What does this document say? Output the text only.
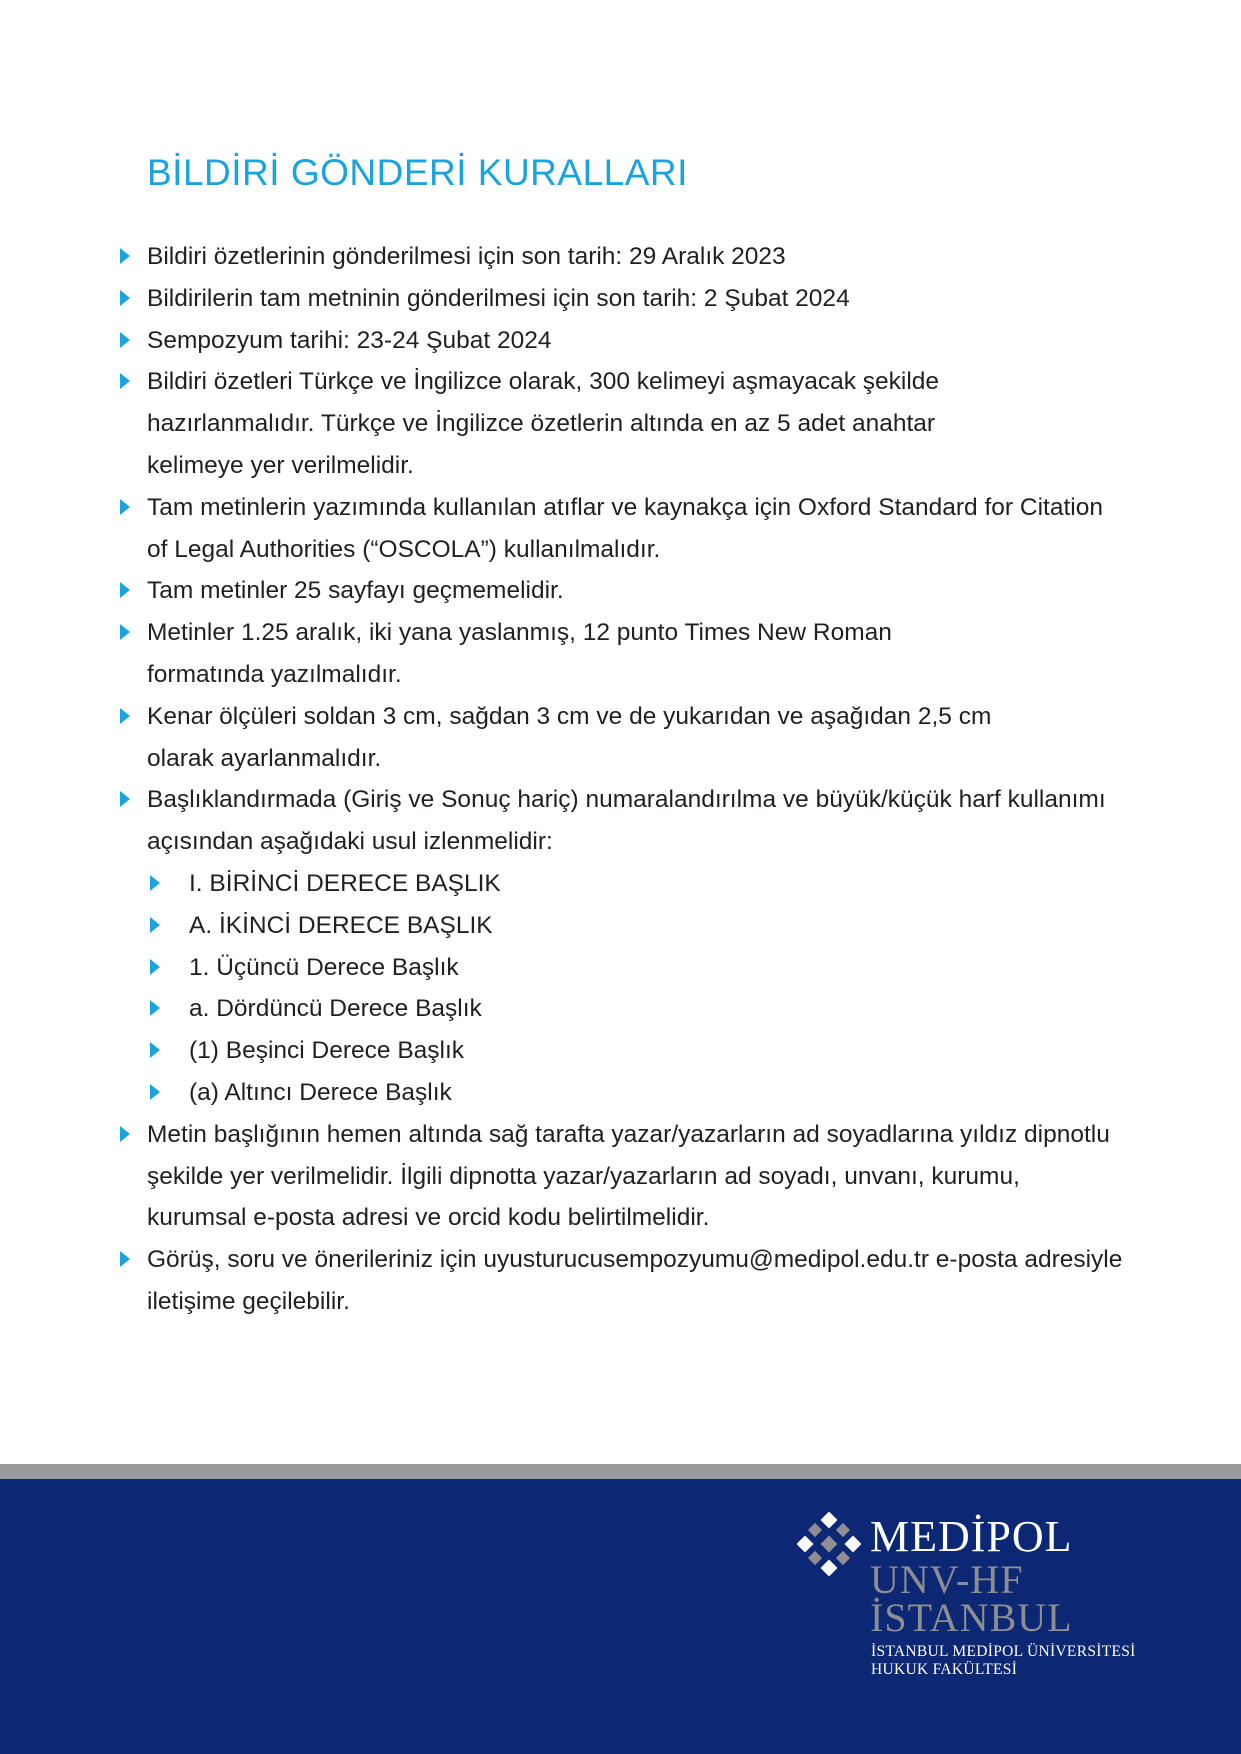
BİLDİRİ GÖNDERİ KURALLARI
Bildiri özetlerinin gönderilmesi için son tarih: 29 Aralık 2023
Bildirilerin tam metninin gönderilmesi için son tarih: 2 Şubat 2024
Sempozyum tarihi: 23-24 Şubat 2024
Bildiri özetleri Türkçe ve İngilizce olarak, 300 kelimeyi aşmayacak şekilde hazırlanmalıdır. Türkçe ve İngilizce özetlerin altında en az 5 adet anahtar kelimeye yer verilmelidir.
Tam metinlerin yazımında kullanılan atıflar ve kaynakça için Oxford Standard for Citation of Legal Authorities (“OSCOLA”) kullanılmalıdır.
Tam metinler 25 sayfayı geçmemelidir.
Metinler 1.25 aralık, iki yana yaslanmış, 12 punto Times New Roman formatında yazılmalıdır.
Kenar ölçüleri soldan 3 cm, sağdan 3 cm ve de yukarıdan ve aşağıdan 2,5 cm olarak ayarlanmalıdır.
Başlıklandırmada (Giriş ve Sonuç hariç) numaralandırılma ve büyük/küçük harf kullanımı açısından aşağıdaki usul izlenmelidir:
I. BİRİNCİ DERECE BAŞLIK
A. İKİNCİ DERECE BAŞLIK
1. Üçüncü Derece Başlık
a. Dördüncü Derece Başlık
(1) Beşinci Derece Başlık
(a) Altıncı Derece Başlık
Metin başlığının hemen altında sağ tarafta yazar/yazarların ad soyadlarına yıldız dipnotlu şekilde yer verilmelidir. İlgili dipnotta yazar/yazarların ad soyadı, unvanı, kurumu, kurumsal e-posta adresi ve orcid kodu belirtilmelidir.
Görüş, soru ve önerileriniz için uyusturucusempozyumu@medipol.edu.tr e-posta adresiyle iletişime geçilebilir.
MEDİPOL
UNV-HF
İSTANBUL
İSTANBUL MEDİPOL ÜNİVERSİTESİ
HUKUK FAKÜLTESİ
